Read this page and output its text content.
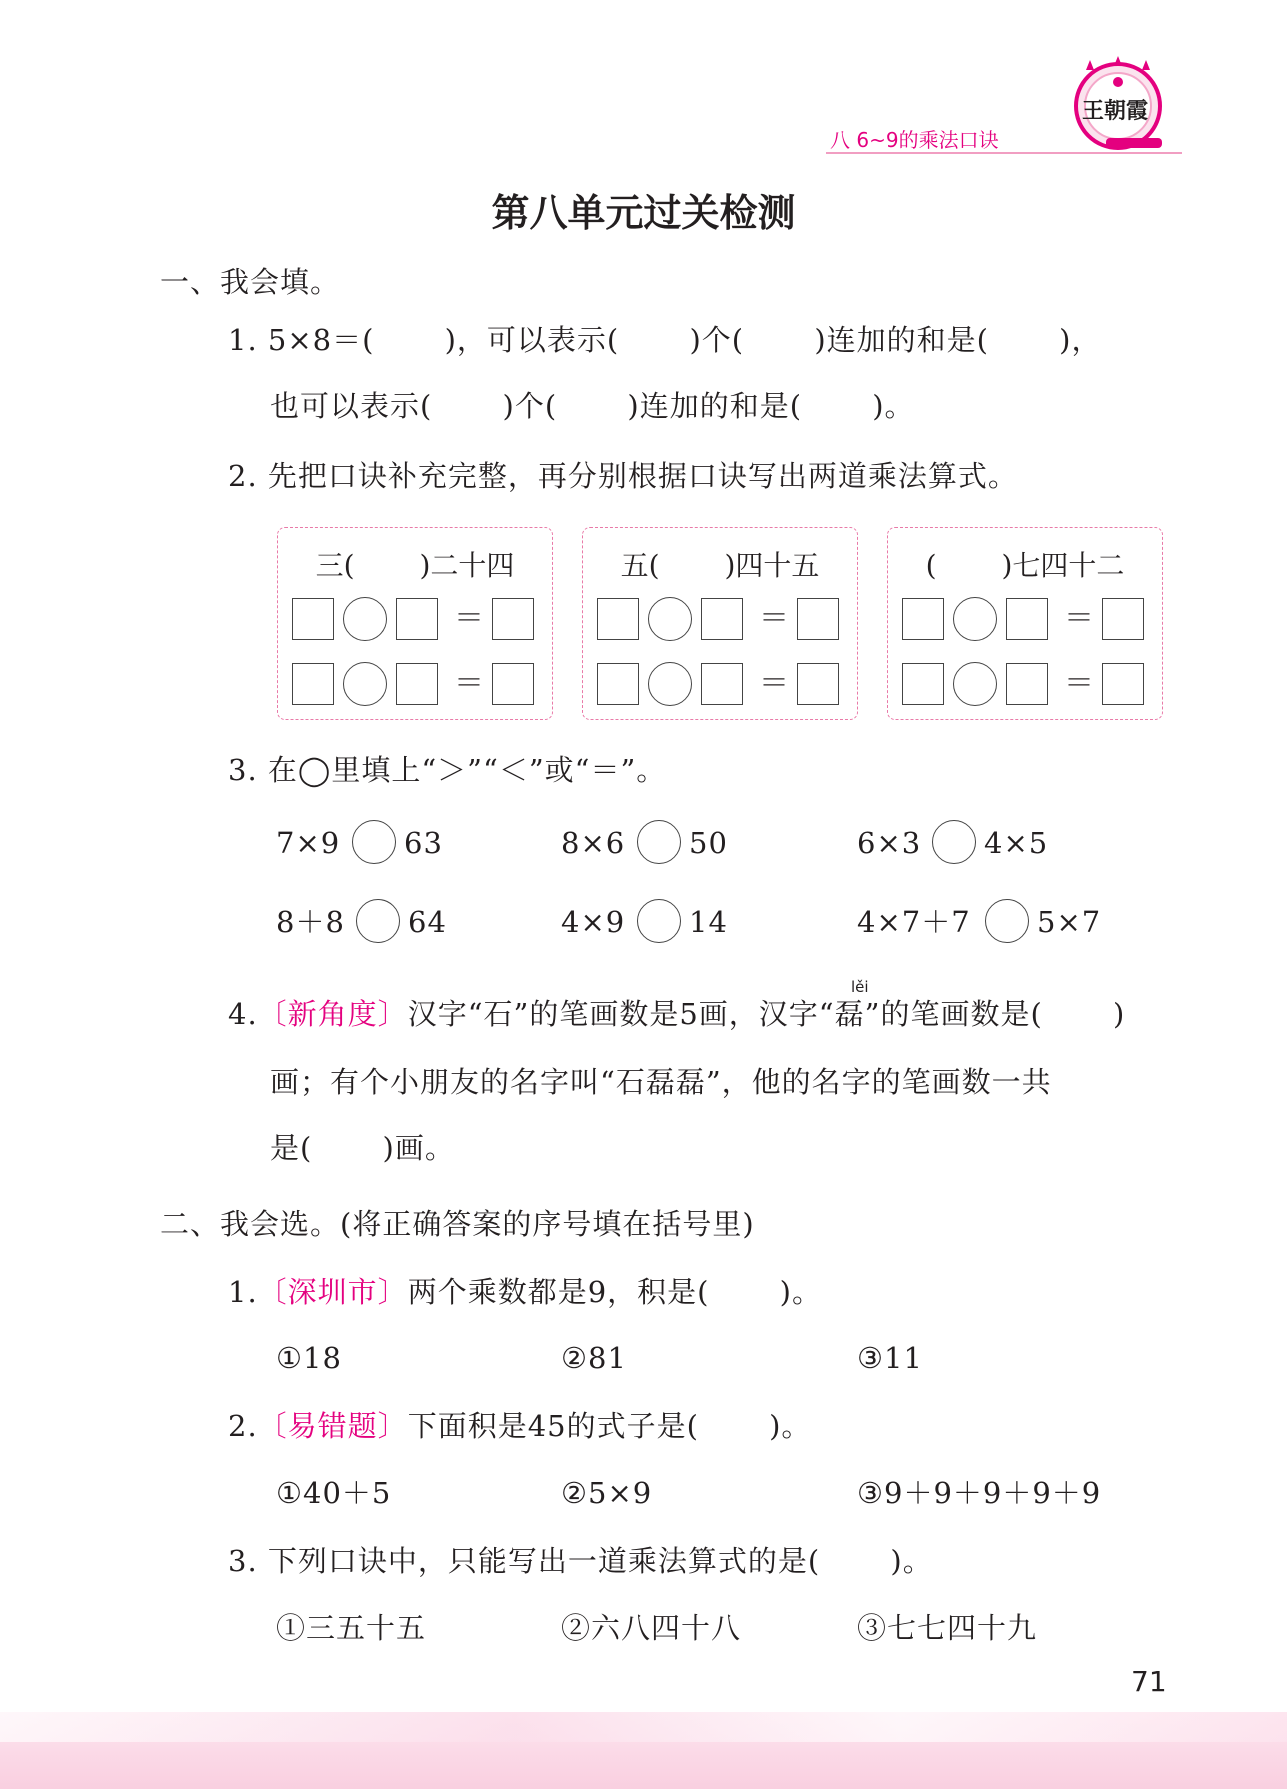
八 6~9的乘法口诀
王朝霞
第八单元过关检测
一、我会填。
1. 5×8＝(　　 )，可以表示(　　 )个(　　 )连加的和是(　　 )，
也可以表示(　　 )个(　　 )连加的和是(　　 )。
2. 先把口诀补充完整，再分别根据口诀写出两道乘法算式。
三(　　 )二十四
＝
＝
五(　　 )四十五
＝
＝
(　　 )七四十二
＝
＝
3. 在◯里填上“＞”“＜”或“＝”。
7×9 63	8×6 50	6×3 4×5
8＋8 64	4×9 14	4×7＋7 5×7
lěi
4.〔新角度〕汉字“石”的笔画数是5画，汉字“磊”的笔画数是(　　 )
画；有个小朋友的名字叫“石磊磊”，他的名字的笔画数一共
是(　　 )画。
二、我会选。(将正确答案的序号填在括号里)
1.〔深圳市〕两个乘数都是9，积是(　　 )。
①18	②81	③11
2.〔易错题〕下面积是45的式子是(　　 )。
①40＋5	②5×9	③9＋9＋9＋9＋9
3. 下列口诀中，只能写出一道乘法算式的是(　　 )。
①三五十五	②六八四十八	③七七四十九
71
